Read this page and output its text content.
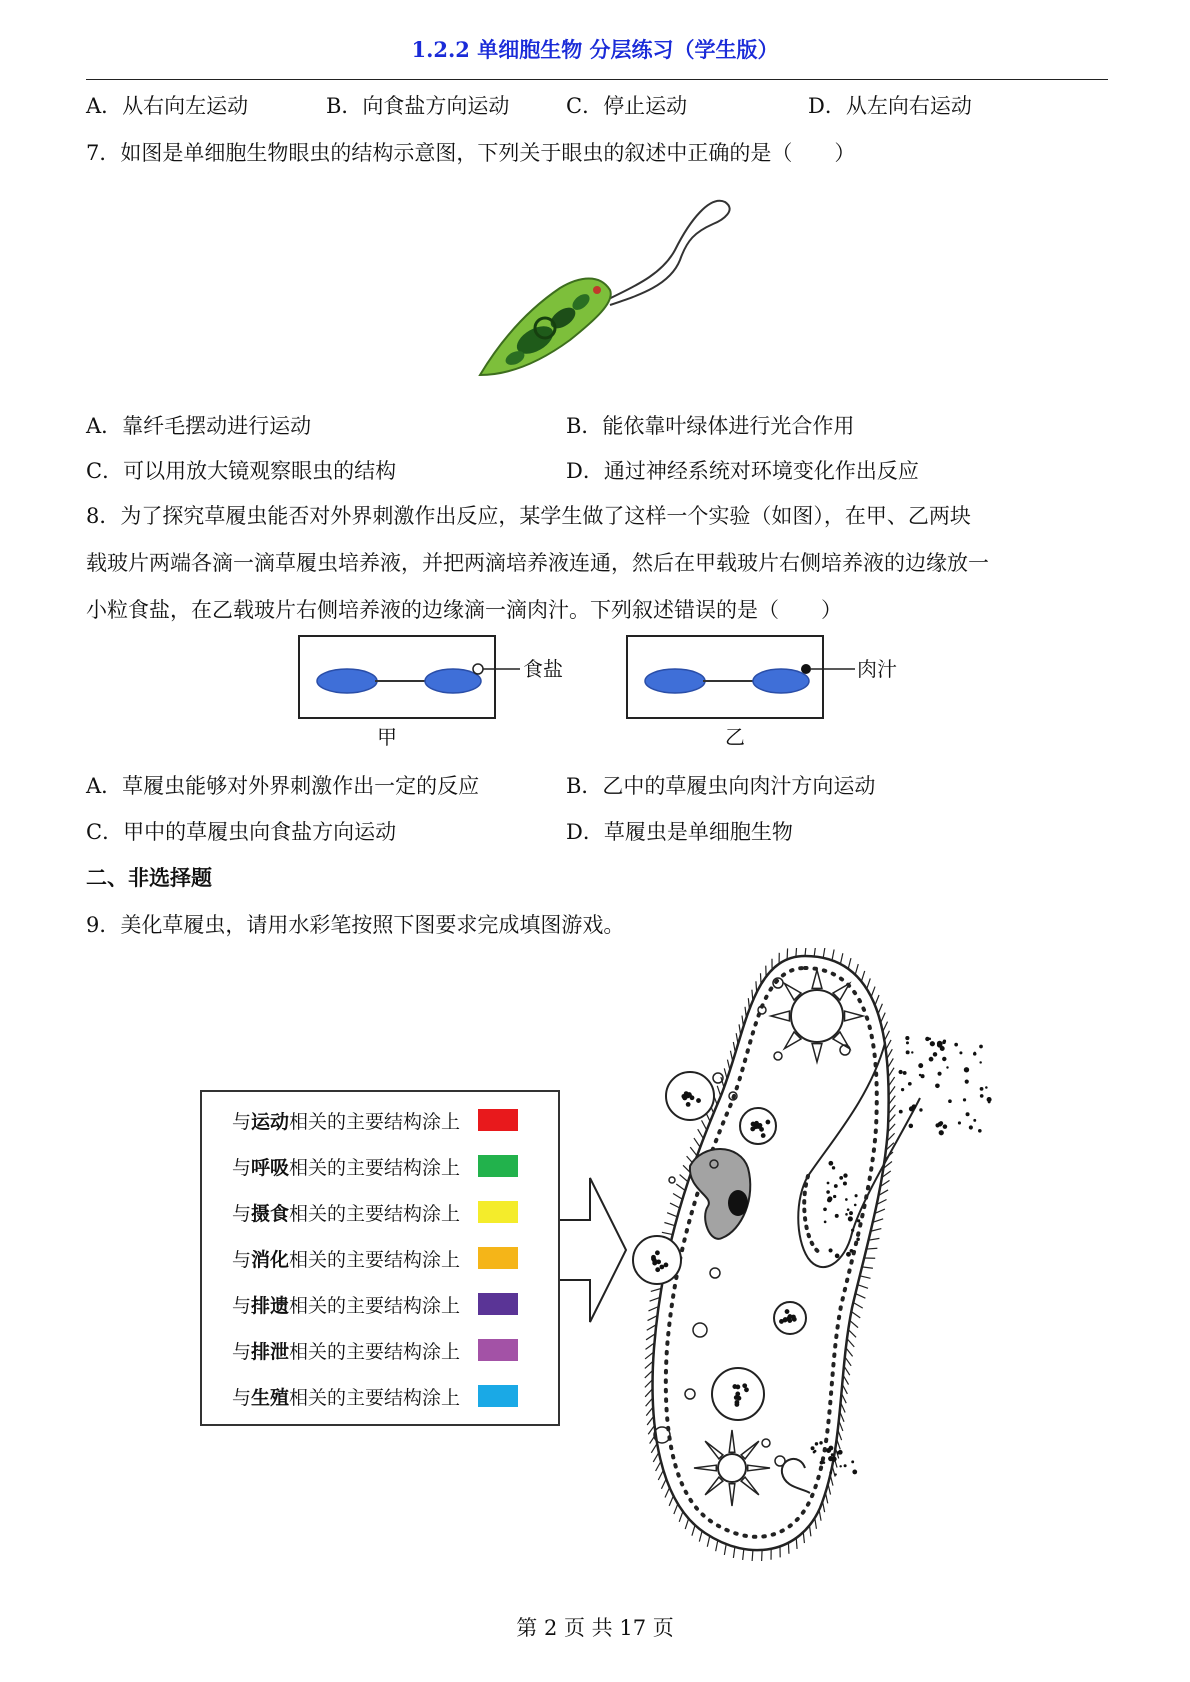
1.2.2 单细胞生物 分层练习（学生版）
A．从右向左运动	B．向食盐方向运动	C．停止运动	D．从左向右运动
7．如图是单细胞生物眼虫的结构示意图，下列关于眼虫的叙述中正确的是（　　）
A．靠纤毛摆动进行运动	B．能依靠叶绿体进行光合作用
C．可以用放大镜观察眼虫的结构	D．通过神经系统对环境变化作出反应
8．为了探究草履虫能否对外界刺激作出反应，某学生做了这样一个实验（如图），在甲、乙两块
载玻片两端各滴一滴草履虫培养液，并把两滴培养液连通，然后在甲载玻片右侧培养液的边缘放一
小粒食盐，在乙载玻片右侧培养液的边缘滴一滴肉汁。下列叙述错误的是（　　）
食盐
甲
肉汁
乙
A．草履虫能够对外界刺激作出一定的反应	B．乙中的草履虫向肉汁方向运动
C．甲中的草履虫向食盐方向运动	D．草履虫是单细胞生物
二、非选择题
9．美化草履虫，请用水彩笔按照下图要求完成填图游戏。
与运动相关的主要结构涂上
与呼吸相关的主要结构涂上
与摄食相关的主要结构涂上
与消化相关的主要结构涂上
与排遗相关的主要结构涂上
与排泄相关的主要结构涂上
与生殖相关的主要结构涂上
第 2 页 共 17 页
